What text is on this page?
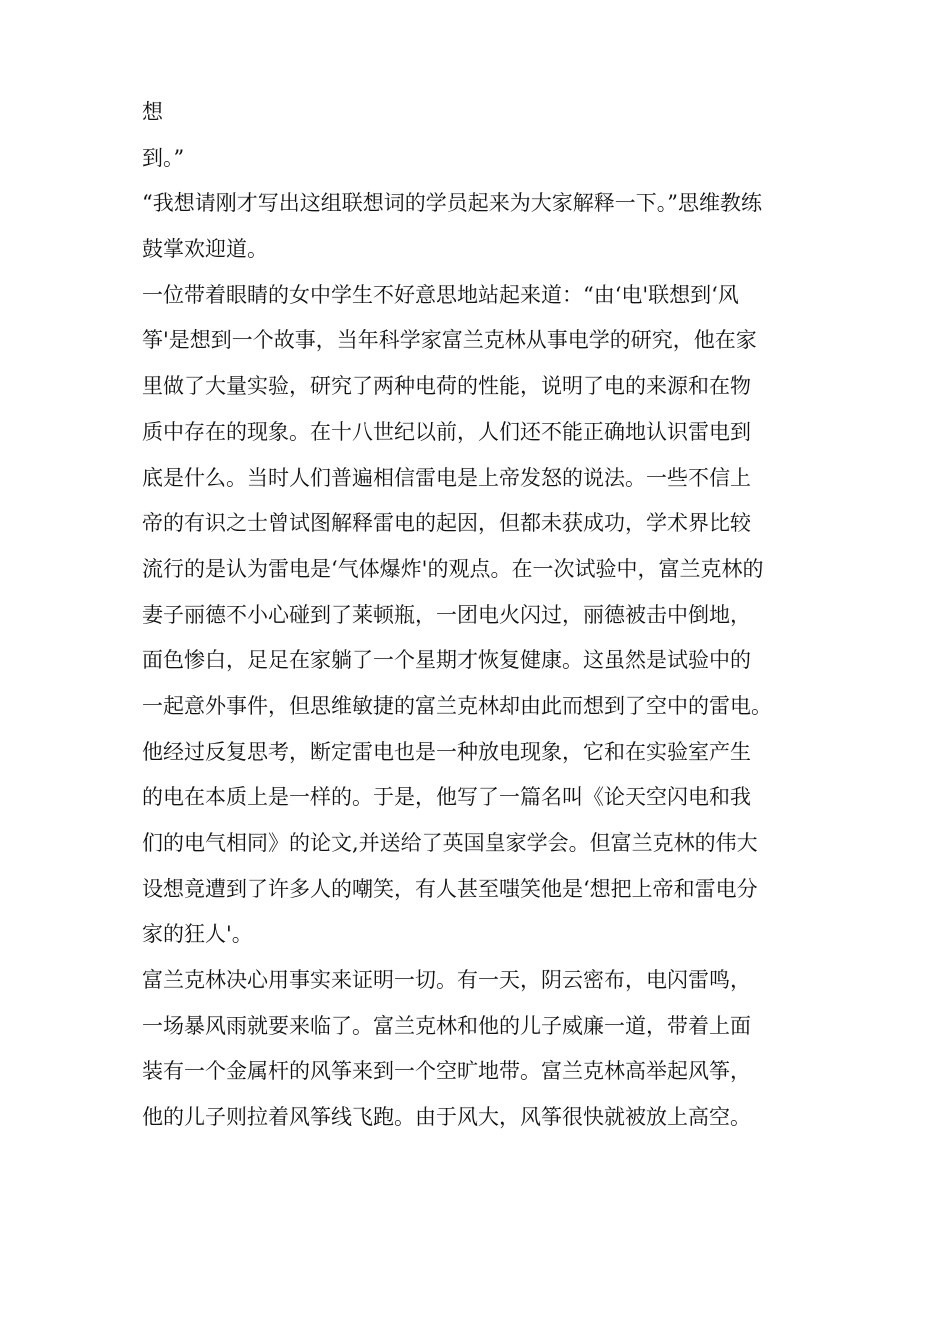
想

到。”

“我想请刚才写出这组联想词的学员起来为大家解释一下。”思维教练

鼓掌欢迎道。

一位带着眼睛的女中学生不好意思地站起来道：“由‘电'联想到‘风

筝'是想到一个故事，当年科学家富兰克林从事电学的研究，他在家

里做了大量实验，研究了两种电荷的性能，说明了电的来源和在物

质中存在的现象。在十八世纪以前，人们还不能正确地认识雷电到

底是什么。当时人们普遍相信雷电是上帝发怒的说法。一些不信上

帝的有识之士曾试图解释雷电的起因，但都未获成功，学术界比较

流行的是认为雷电是‘气体爆炸'的观点。在一次试验中，富兰克林的

妻子丽德不小心碰到了莱顿瓶，一团电火闪过，丽德被击中倒地，

面色惨白，足足在家躺了一个星期才恢复健康。这虽然是试验中的

一起意外事件，但思维敏捷的富兰克林却由此而想到了空中的雷电。

他经过反复思考，断定雷电也是一种放电现象，它和在实验室产生

的电在本质上是一样的。于是，他写了一篇名叫《论天空闪电和我

们的电气相同》的论文,并送给了英国皇家学会。但富兰克林的伟大

设想竟遭到了许多人的嘲笑，有人甚至嗤笑他是‘想把上帝和雷电分

家的狂人'。

富兰克林决心用事实来证明一切。有一天，阴云密布，电闪雷鸣，

一场暴风雨就要来临了。富兰克林和他的儿子威廉一道，带着上面

装有一个金属杆的风筝来到一个空旷地带。富兰克林高举起风筝，

他的儿子则拉着风筝线飞跑。由于风大，风筝很快就被放上高空。
